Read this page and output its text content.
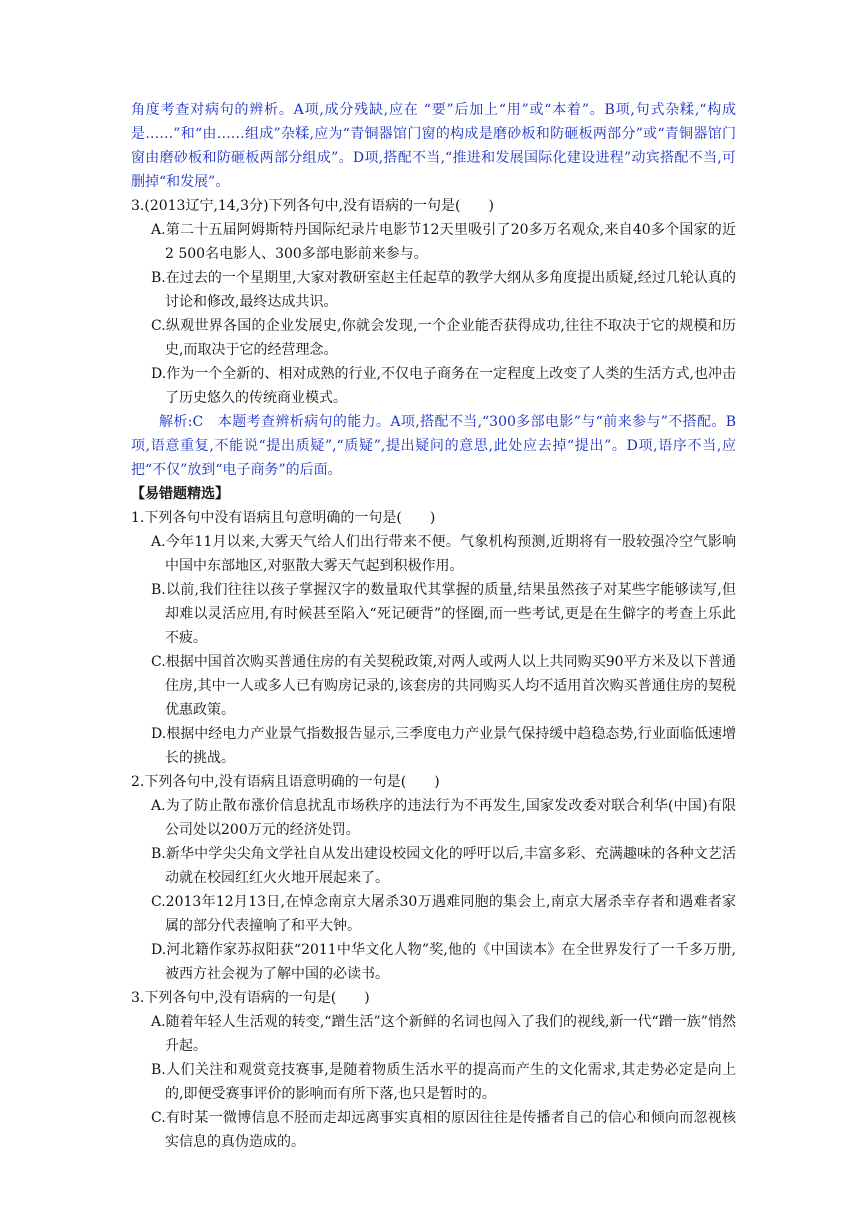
角度考查对病句的辨析。A项,成分残缺,应在 “要”后加上“用”或“本着”。B项,句式杂糅,“构成是……”和“由……组成”杂糅,应为“青铜器馆门窗的构成是磨砂板和防砸板两部分”或“青铜器馆门窗由磨砂板和防砸板两部分组成”。D项,搭配不当,“推进和发展国际化建设进程”动宾搭配不当,可删掉“和发展”。

3.(2013辽宁,14,3分)下列各句中,没有语病的一句是(　　)

A.第二十五届阿姆斯特丹国际纪录片电影节12天里吸引了20多万名观众,来自40多个国家的近2 500名电影人、300多部电影前来参与。

B.在过去的一个星期里,大家对教研室赵主任起草的教学大纲从多角度提出质疑,经过几轮认真的讨论和修改,最终达成共识。

C.纵观世界各国的企业发展史,你就会发现,一个企业能否获得成功,往往不取决于它的规模和历史,而取决于它的经营理念。

D.作为一个全新的、相对成熟的行业,不仅电子商务在一定程度上改变了人类的生活方式,也冲击了历史悠久的传统商业模式。

解析:C　本题考查辨析病句的能力。A项,搭配不当,“300多部电影”与“前来参与”不搭配。B项,语意重复,不能说“提出质疑”,“质疑”,提出疑问的意思,此处应去掉“提出”。D项,语序不当,应把“不仅”放到“电子商务”的后面。

【易错题精选】

1.下列各句中没有语病且句意明确的一句是(　　)

A.今年11月以来,大雾天气给人们出行带来不便。气象机构预测,近期将有一股较强冷空气影响中国中东部地区,对驱散大雾天气起到积极作用。

B.以前,我们往往以孩子掌握汉字的数量取代其掌握的质量,结果虽然孩子对某些字能够读写,但却难以灵活应用,有时候甚至陷入“死记硬背”的怪圈,而一些考试,更是在生僻字的考查上乐此不疲。

C.根据中国首次购买普通住房的有关契税政策,对两人或两人以上共同购买90平方米及以下普通住房,其中一人或多人已有购房记录的,该套房的共同购买人均不适用首次购买普通住房的契税优惠政策。

D.根据中经电力产业景气指数报告显示,三季度电力产业景气保持缓中趋稳态势,行业面临低速增长的挑战。

2.下列各句中,没有语病且语意明确的一句是(　　)

A.为了防止散布涨价信息扰乱市场秩序的违法行为不再发生,国家发改委对联合利华(中国)有限公司处以200万元的经济处罚。

B.新华中学尖尖角文学社自从发出建设校园文化的呼吁以后,丰富多彩、充满趣味的各种文艺活动就在校园红红火火地开展起来了。

C.2013年12月13日,在悼念南京大屠杀30万遇难同胞的集会上,南京大屠杀幸存者和遇难者家属的部分代表撞响了和平大钟。

D.河北籍作家苏叔阳获“2011中华文化人物”奖,他的《中国读本》在全世界发行了一千多万册,被西方社会视为了解中国的必读书。

3.下列各句中,没有语病的一句是(　　)

A.随着年轻人生活观的转变,“蹭生活”这个新鲜的名词也闯入了我们的视线,新一代“蹭一族”悄然升起。

B.人们关注和观赏竞技赛事,是随着物质生活水平的提高而产生的文化需求,其走势必定是向上的,即便受赛事评价的影响而有所下落,也只是暂时的。

C.有时某一微博信息不胫而走却远离事实真相的原因往往是传播者自己的信心和倾向而忽视核实信息的真伪造成的。
